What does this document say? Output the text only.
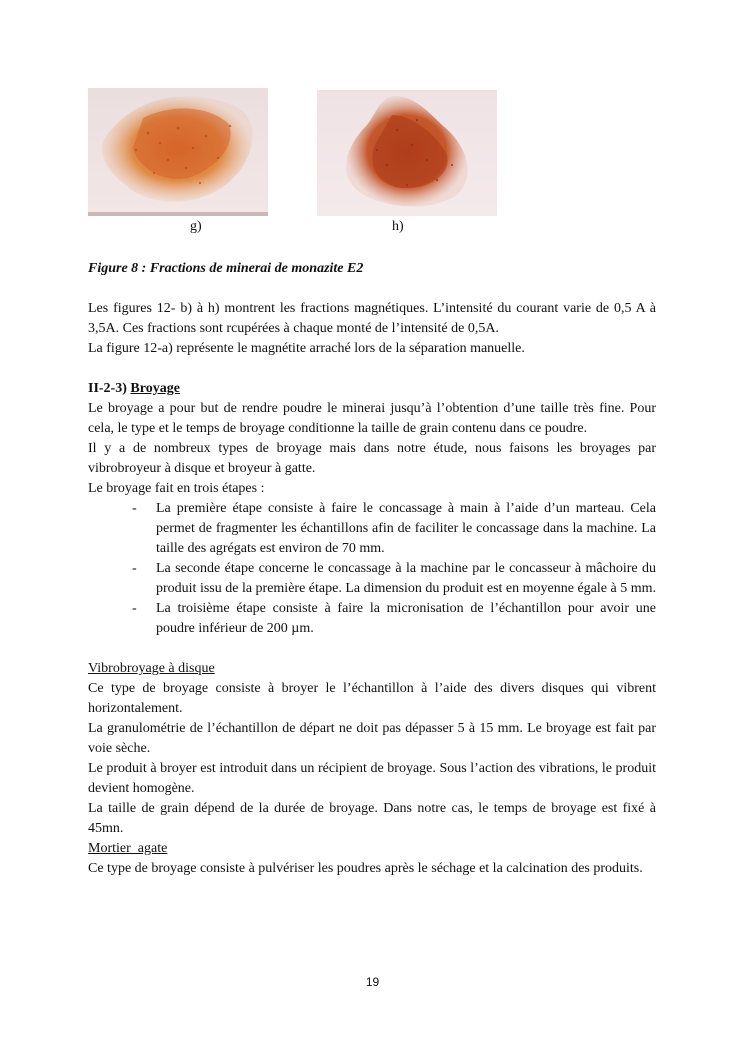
g)	h)

Figure 8 : Fractions de minerai de monazite E2

Les figures 12- b) à h) montrent les fractions magnétiques. L’intensité du courant varie de 0,5 A à 3,5A. Ces fractions sont rcupérées à chaque monté de l’intensité de 0,5A.

La figure 12-a) représente le magnétite arraché lors de la séparation manuelle.

II-2-3) Broyage

Le broyage a pour but de rendre poudre le minerai jusqu’à l’obtention d’une taille très fine. Pour cela, le type et le temps de broyage conditionne la taille de grain contenu dans ce poudre.

Il y a de nombreux types de broyage mais dans notre étude, nous faisons les broyages par vibrobroyeur à disque et broyeur à gatte.

Le broyage fait en trois étapes :

- La première étape consiste à faire le concassage à main à l’aide d’un marteau. Cela permet de fragmenter les échantillons afin de faciliter le concassage dans la machine. La taille des agrégats est environ de 70 mm.
- La seconde étape concerne le concassage à la machine par le concasseur à mâchoire du produit issu de la première étape. La dimension du produit est en moyenne égale à 5 mm.
- La troisième étape consiste à faire la micronisation de l’échantillon pour avoir une poudre inférieur de 200 µm.

Vibrobroyage à disque

Ce type de broyage consiste à broyer le l’échantillon à l’aide des divers disques qui vibrent horizontalement.

La granulométrie de l’échantillon de départ ne doit pas dépasser 5 à 15 mm. Le broyage est fait par voie sèche.

Le produit à broyer est introduit dans un récipient de broyage. Sous l’action des vibrations, le produit devient homogène.

La taille de grain dépend de la durée de broyage. Dans notre cas, le temps de broyage est fixé à 45mn.

Mortier  agate

Ce type de broyage consiste à pulvériser les poudres après le séchage et la calcination des produits.

19
